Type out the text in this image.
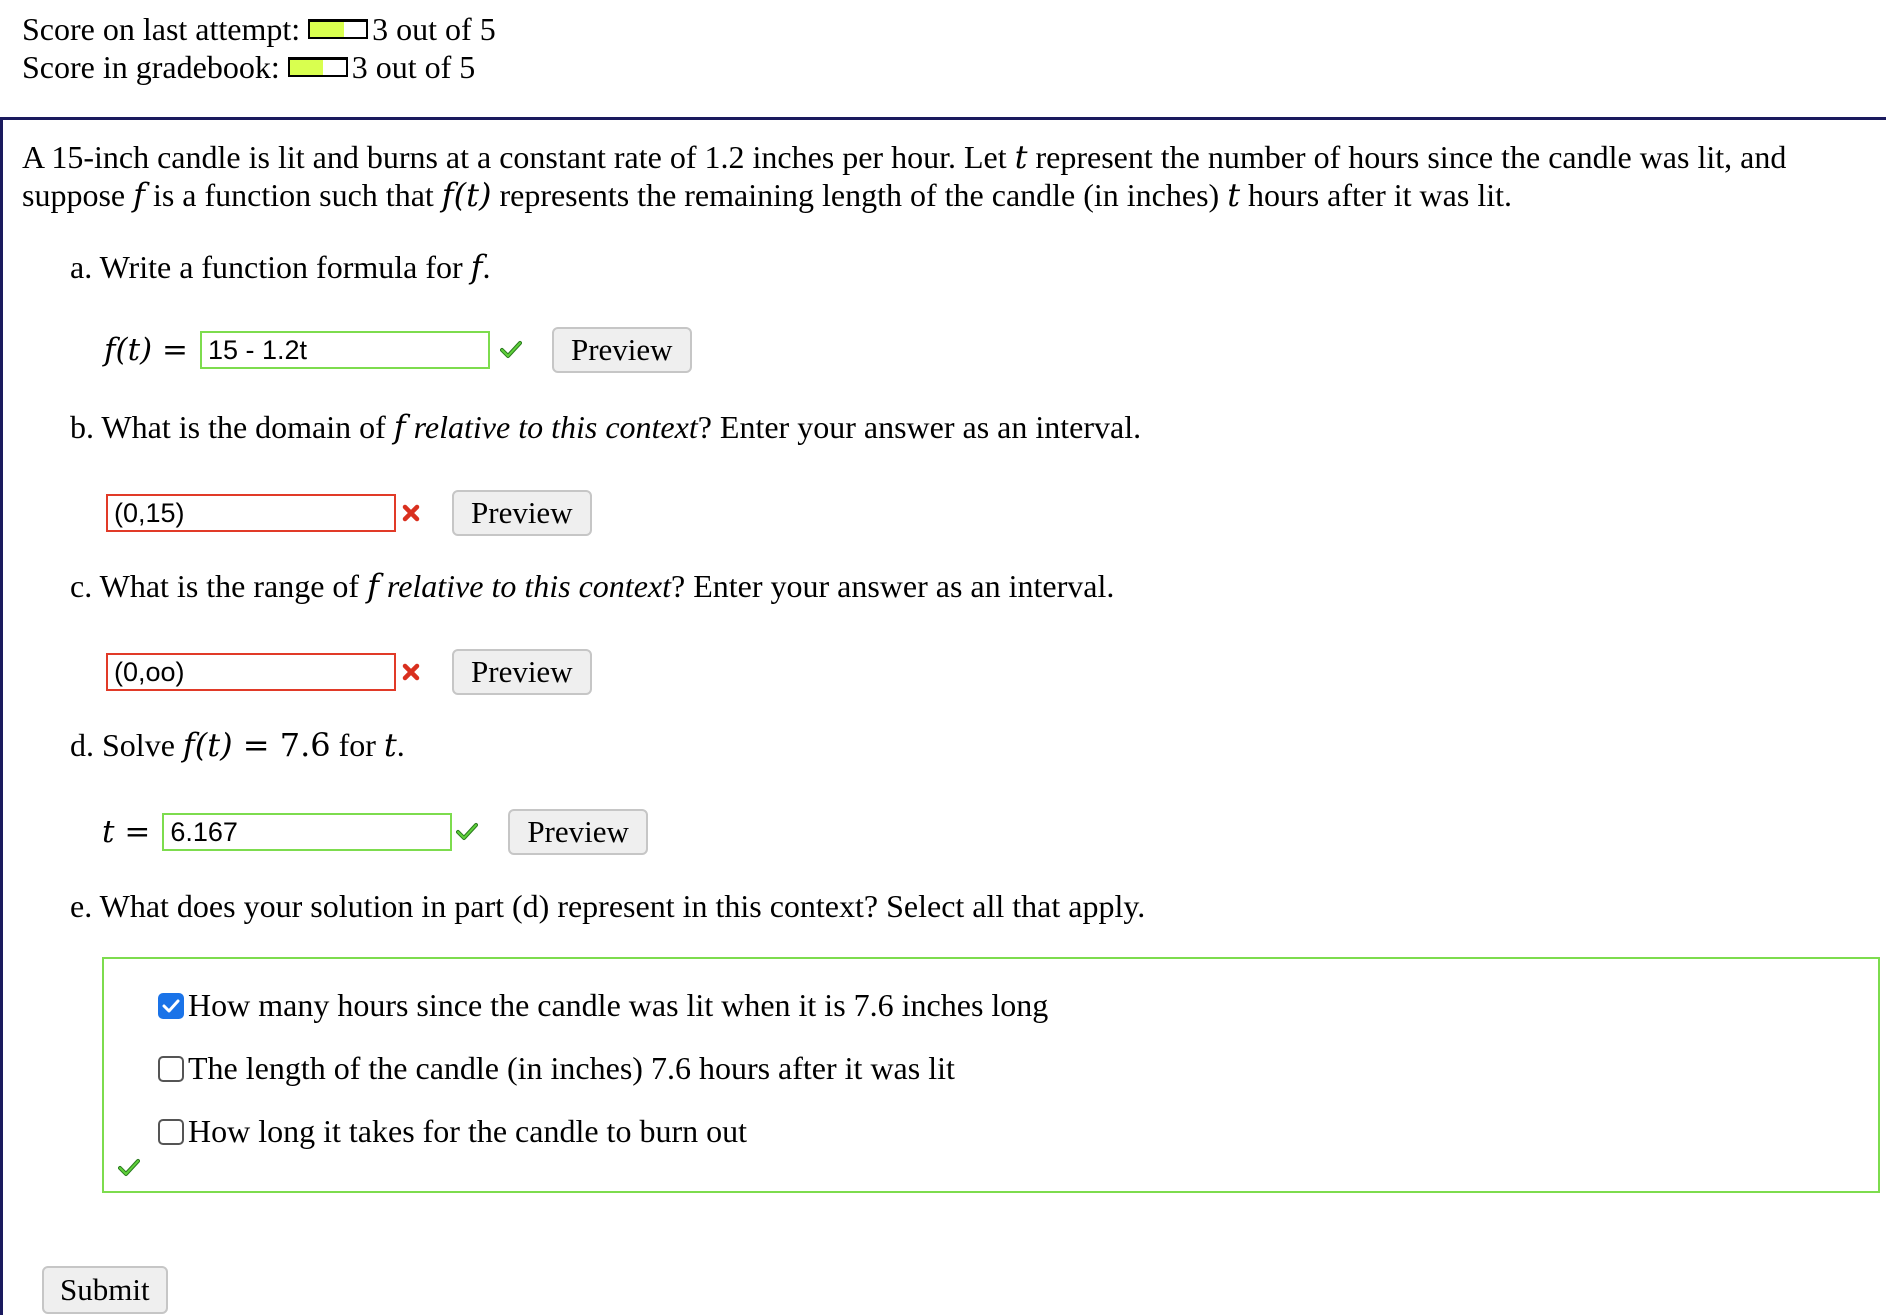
Score on last attempt: 3 out of 5
Score in gradebook: 3 out of 5
A 15-inch candle is lit and burns at a constant rate of 1.2 inches per hour. Let t represent the number of hours since the candle was lit, and suppose f is a function such that f(t) represents the remaining length of the candle (in inches) t hours after it was lit.
a. Write a function formula for f.
f(t) =
15 - 1.2t	Preview
b. What is the domain of f relative to this context? Enter your answer as an interval.
(0,15)
Preview
c. What is the range of f relative to this context? Enter your answer as an interval.
(0,oo)
Preview
d. Solve f(t) = 7.6 for t.
t =
6.167	Preview
e. What does your solution in part (d) represent in this context? Select all that apply.
How many hours since the candle was lit when it is 7.6 inches long
The length of the candle (in inches) 7.6 hours after it was lit
How long it takes for the candle to burn out
Submit
